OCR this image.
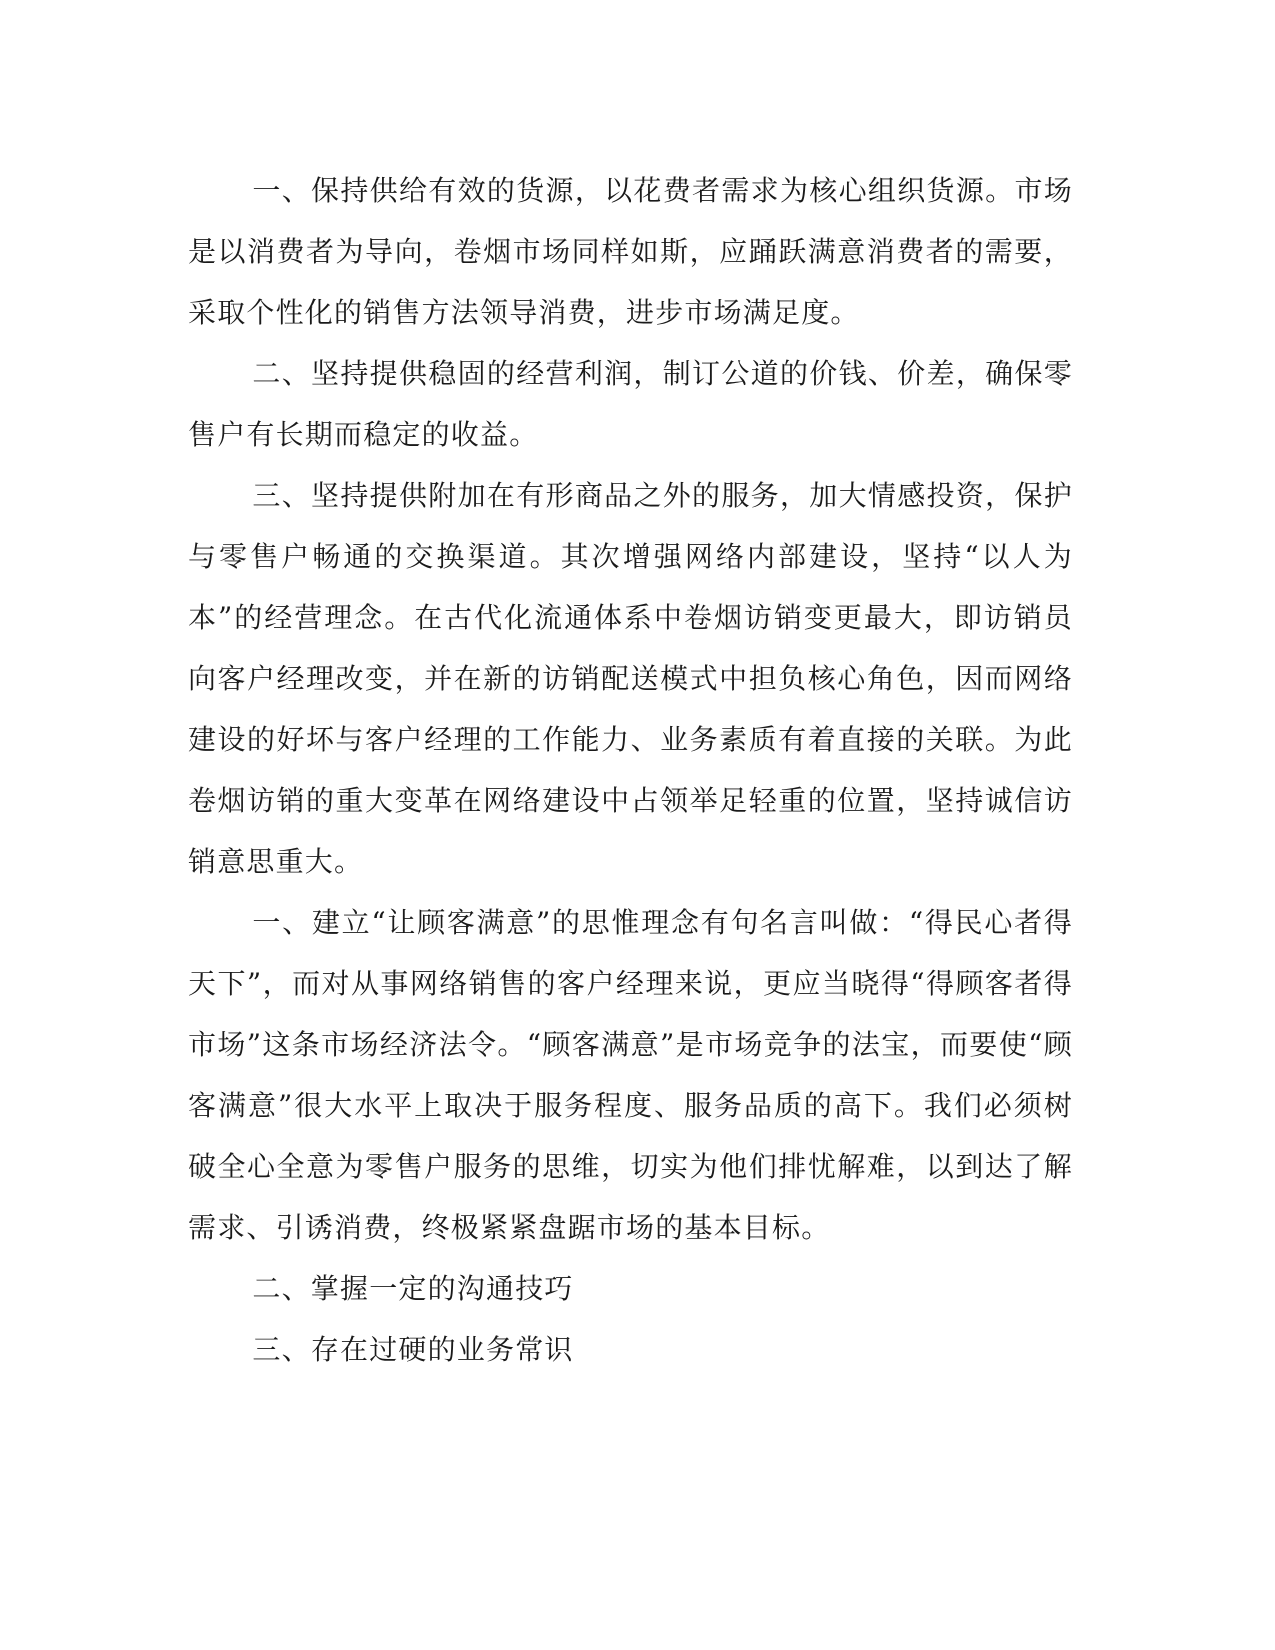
一、保持供给有效的货源，以花费者需求为核心组织货源。市场是以消费者为导向，卷烟市场同样如斯，应踊跃满意消费者的需要，采取个性化的销售方法领导消费，进步市场满足度。

二、坚持提供稳固的经营利润，制订公道的价钱、价差，确保零售户有长期而稳定的收益。

三、坚持提供附加在有形商品之外的服务，加大情感投资，保护与零售户畅通的交换渠道。其次增强网络内部建设，坚持“以人为本”的经营理念。在古代化流通体系中卷烟访销变更最大，即访销员向客户经理改变，并在新的访销配送模式中担负核心角色，因而网络建设的好坏与客户经理的工作能力、业务素质有着直接的关联。为此卷烟访销的重大变革在网络建设中占领举足轻重的位置，坚持诚信访销意思重大。

一、建立“让顾客满意”的思惟理念有句名言叫做：“得民心者得天下”，而对从事网络销售的客户经理来说，更应当晓得“得顾客者得市场”这条市场经济法令。“顾客满意”是市场竞争的法宝，而要使“顾客满意”很大水平上取决于服务程度、服务品质的高下。我们必须树破全心全意为零售户服务的思维，切实为他们排忧解难，以到达了解需求、引诱消费，终极紧紧盘踞市场的基本目标。

二、掌握一定的沟通技巧

三、存在过硬的业务常识
